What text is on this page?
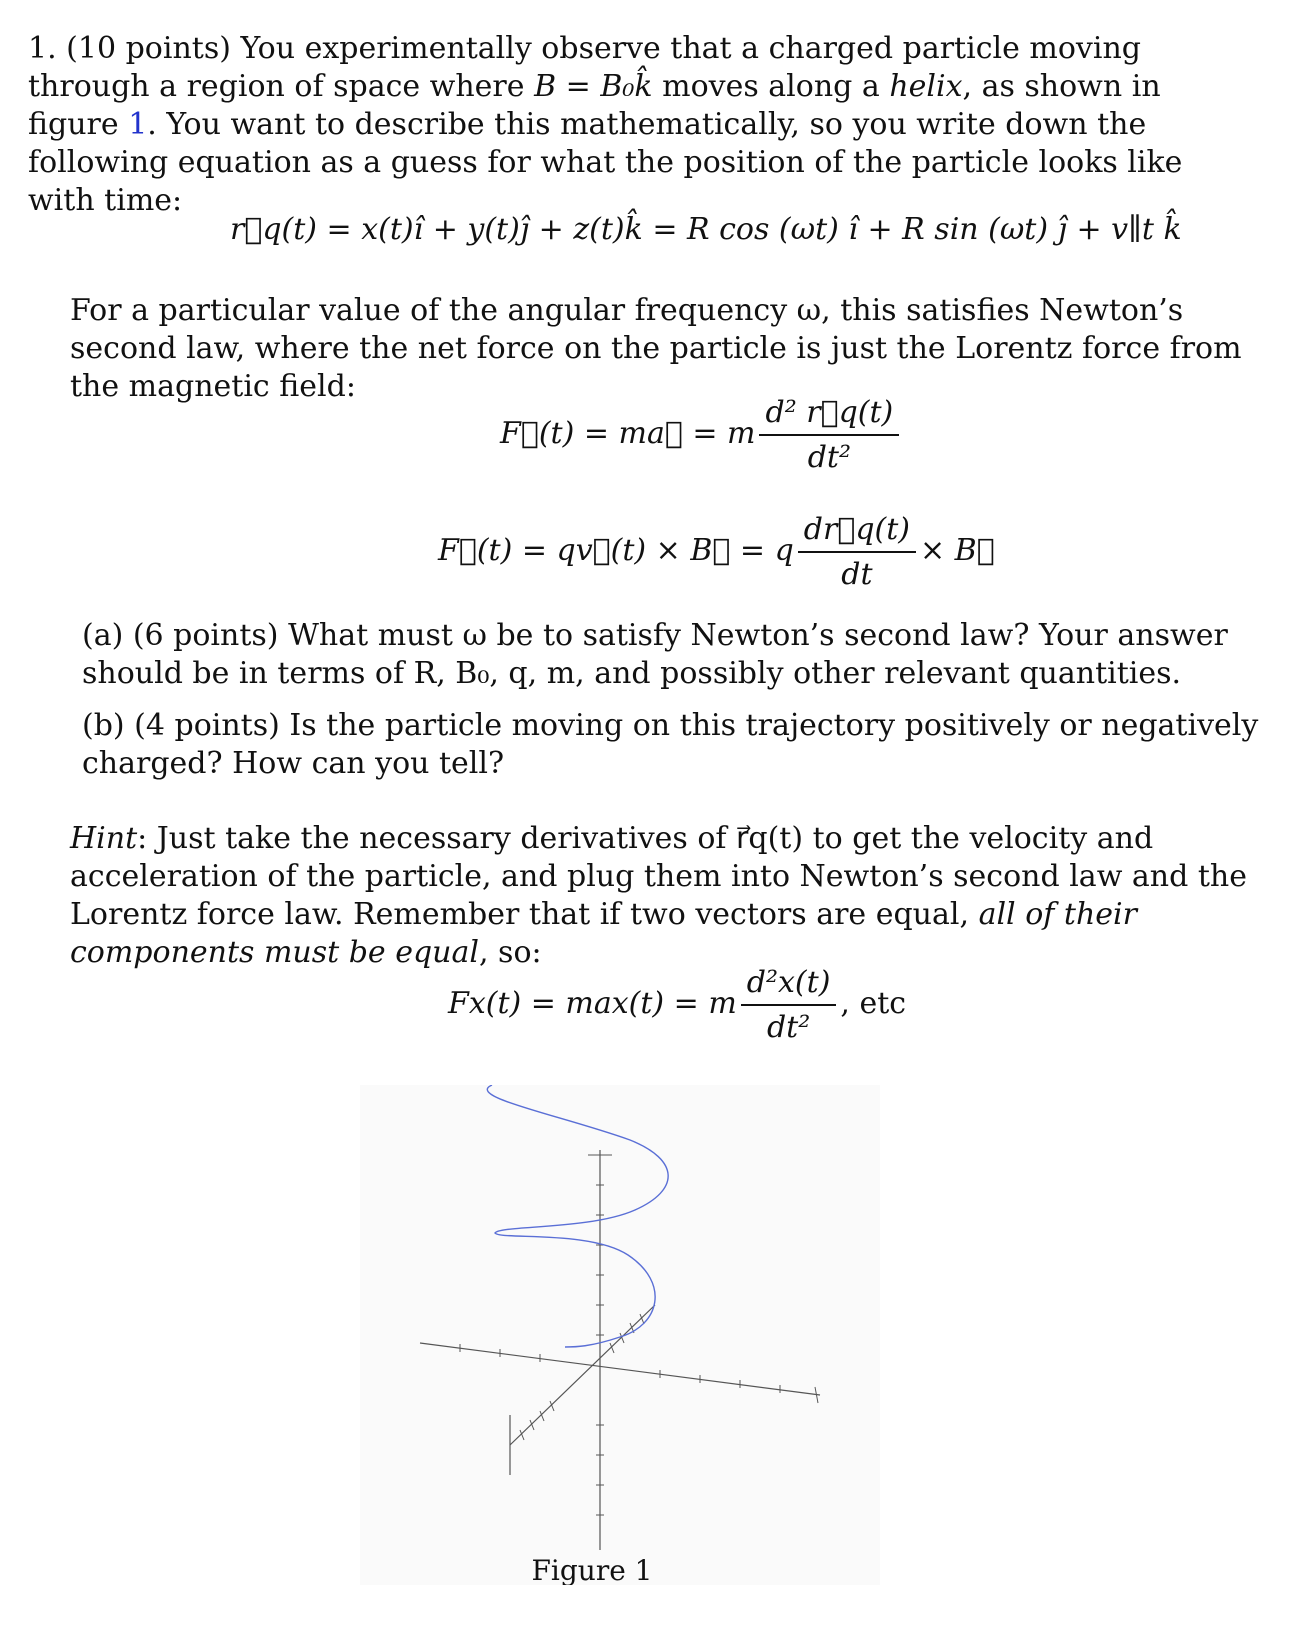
1. (10 points) You experimentally observe that a charged particle moving through a region of space where B = B₀k̂ moves along a helix, as shown in figure 1. You want to describe this mathematically, so you write down the following equation as a guess for what the position of the particle looks like with time:
r⃗q(t) = x(t)î + y(t)ĵ + z(t)k̂ = R cos (ωt) î + R sin (ωt) ĵ + v∥t k̂
For a particular value of the angular frequency ω, this satisfies Newton’s second law, where the net force on the particle is just the Lorentz force from the magnetic field:
F⃗(t) = ma⃗ = m $\frac{\text{d² r⃗q(t)}}{\text{dt²}}$
F⃗(t) = qv⃗(t) × B⃗ = q $\frac{dr⃗q(t)}{dt}$ × B⃗
(a) (6 points) What must ω be to satisfy Newton’s second law? Your answer should be in terms of R, B₀, q, m, and possibly other relevant quantities.
(b) (4 points) Is the particle moving on this trajectory positively or negatively charged? How can you tell?
Hint: Just take the necessary derivatives of r⃗q(t) to get the velocity and acceleration of the particle, and plug them into Newton’s second law and the Lorentz force law. Remember that if two vectors are equal, all of their components must be equal, so:
Fx(t) = max(t) = m $\frac{\text{d²x(t)}}{\text{dt²}}$ , etc
Figure 1
